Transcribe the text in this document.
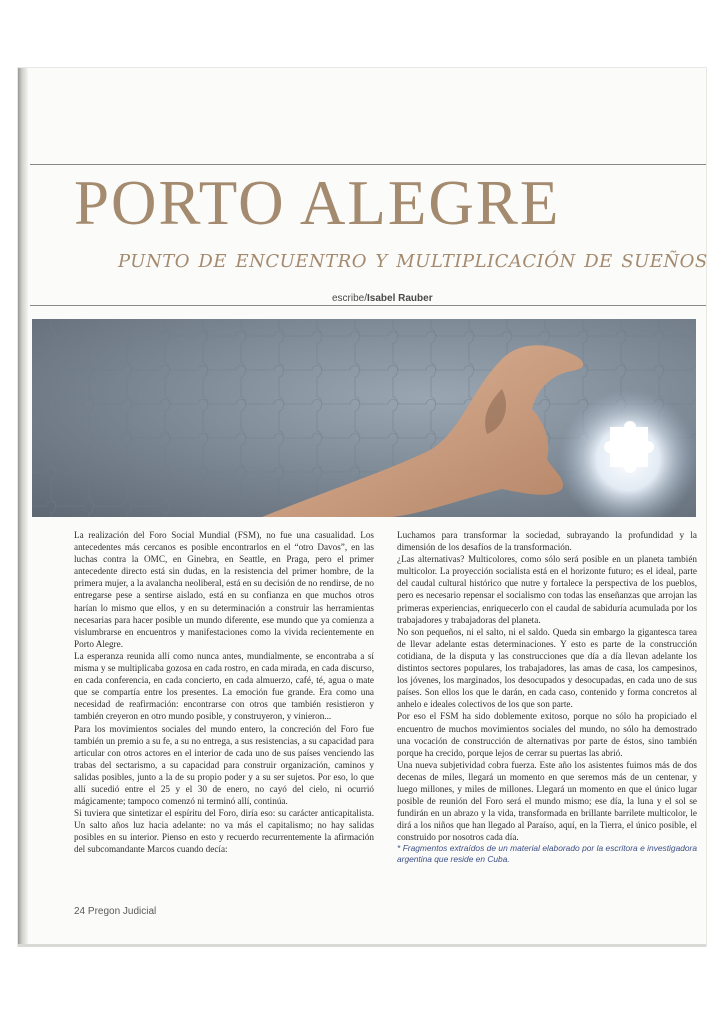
PORTO ALEGRE
punto de encuentro y multiplicación de sueños
escribe/Isabel Rauber

La realización del Foro Social Mundial (FSM), no fue una casualidad. Los antecedentes más cercanos es posible encontrarlos en el “otro Davos”, en las luchas contra la OMC, en Ginebra, en Seattle, en Praga, pero el primer antecedente directo está sin dudas, en la resistencia del primer hombre, de la primera mujer, a la avalancha neoliberal, está en su decisión de no rendirse, de no entregarse pese a sentirse aislado, está en su confianza en que muchos otros harían lo mismo que ellos, y en su determinación a construir las herramientas necesarias para hacer posible un mundo diferente, ese mundo que ya comienza a vislumbrarse en encuentros y manifestaciones como la vivida recientemente en Porto Alegre.

La esperanza reunida allí como nunca antes, mundialmente, se encontraba a sí misma y se multiplicaba gozosa en cada rostro, en cada mirada, en cada discurso, en cada conferencia, en cada concierto, en cada almuerzo, café, té, agua o mate que se compartía entre los presentes. La emoción fue grande. Era como una necesidad de reafirmación: encontrarse con otros que también resistieron y también creyeron en otro mundo posible, y construyeron, y vinieron...

Para los movimientos sociales del mundo entero, la concreción del Foro fue también un premio a su fe, a su no entrega, a sus resistencias, a su capacidad para articular con otros actores en el interior de cada uno de sus países venciendo las trabas del sectarismo, a su capacidad para construir organización, caminos y salidas posibles, junto a la de su propio poder y a su ser sujetos. Por eso, lo que allí sucedió entre el 25 y el 30 de enero, no cayó del cielo, ni ocurrió mágicamente; tampoco comenzó ni terminó allí, continúa.

Si tuviera que sintetizar el espíritu del Foro, diría eso: su carácter anticapitalista. Un salto años luz hacia adelante: no va más el capitalismo; no hay salidas posibles en su interior. Pienso en esto y recuerdo recurrentemente la afirmación del subcomandante Marcos cuando decía:

Luchamos para transformar la sociedad, subrayando la profundidad y la dimensión de los desafíos de la transformación.

¿Las alternativas? Multicolores, como sólo será posible en un planeta también multicolor. La proyección socialista está en el horizonte futuro; es el ideal, parte del caudal cultural histórico que nutre y fortalece la perspectiva de los pueblos, pero es necesario repensar el socialismo con todas las enseñanzas que arrojan las primeras experiencias, enriquecerlo con el caudal de sabiduría acumulada por los trabajadores y trabajadoras del planeta.

No son pequeños, ni el salto, ni el saldo. Queda sin embargo la gigantesca tarea de llevar adelante estas determinaciones. Y esto es parte de la construcción cotidiana, de la disputa y las construcciones que día a día llevan adelante los distintos sectores populares, los trabajadores, las amas de casa, los campesinos, los jóvenes, los marginados, los desocupados y desocupadas, en cada uno de sus países. Son ellos los que le darán, en cada caso, contenido y forma concretos al anhelo e ideales colectivos de los que son parte.

Por eso el FSM ha sido doblemente exitoso, porque no sólo ha propiciado el encuentro de muchos movimientos sociales del mundo, no sólo ha demostrado una vocación de construcción de alternativas por parte de éstos, sino también porque ha crecido, porque lejos de cerrar su puertas las abrió.

Una nueva subjetividad cobra fuerza. Este año los asistentes fuimos más de dos decenas de miles, llegará un momento en que seremos más de un centenar, y luego millones, y miles de millones. Llegará un momento en que el único lugar posible de reunión del Foro será el mundo mismo; ese día, la luna y el sol se fundirán en un abrazo y la vida, transformada en brillante barrilete multicolor, le dirá a los niños que han llegado al Paraíso, aquí, en la Tierra, el único posible, el construido por nosotros cada día.

* Fragmentos extraídos de un material elaborado por la escritora e investigadora argentina que reside en Cuba.

24 Pregon Judicial
